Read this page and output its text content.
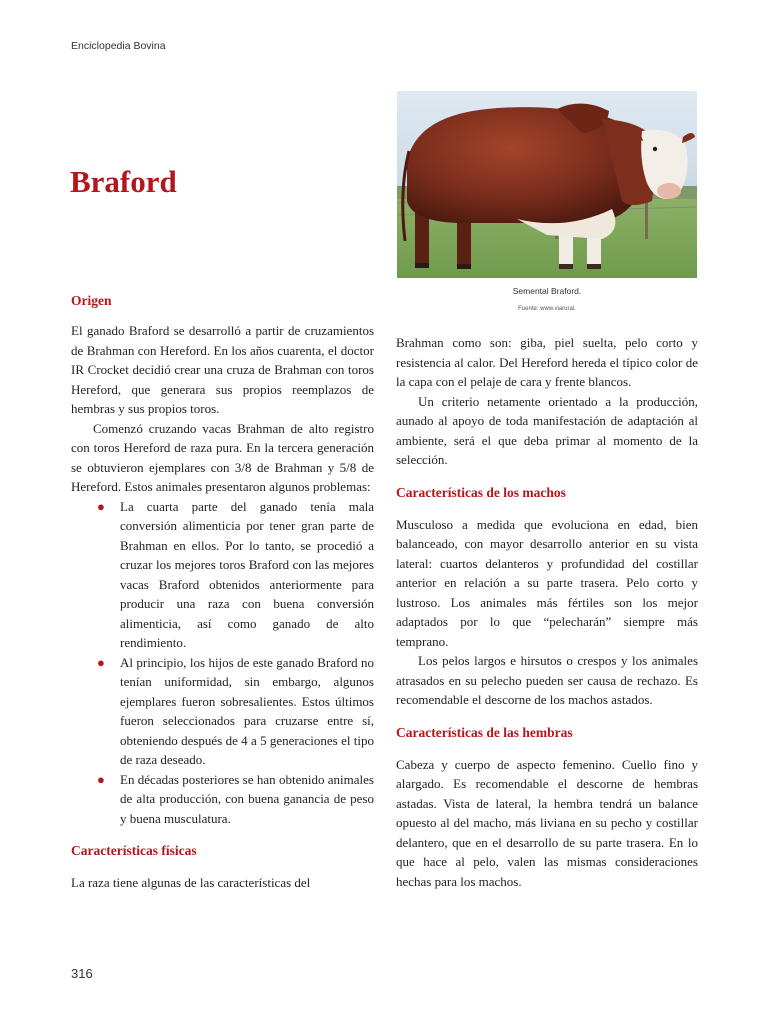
Enciclopedia Bovina
Braford
Semental Braford.
Fuente: www.viarural.
Origen

El ganado Braford se desarrolló a partir de cruzamientos de Brahman con Hereford. En los años cuarenta, el doctor IR Crocket decidió crear una cruza de Brahman con toros Hereford, que generara sus propios reemplazos de hembras y sus propios toros.

Comenzó cruzando vacas Brahman de alto registro con toros Hereford de raza pura. En la tercera generación se obtuvieron ejemplares con 3/8 de Brahman y 5/8 de Hereford. Estos animales presentaron algunos problemas:

● La cuarta parte del ganado tenía mala conversión alimenticia por tener gran parte de Brahman en ellos. Por lo tanto, se procedió a cruzar los mejores toros Braford con las mejores vacas Braford obtenidos anteriormente para producir una raza con buena conversión alimenticia, así como ganado de alto rendimiento.
● Al principio, los hijos de este ganado Braford no tenían uniformidad, sin embargo, algunos ejemplares fueron sobresalientes. Estos últimos fueron seleccionados para cruzarse entre sí, obteniendo después de 4 a 5 generaciones el tipo de raza deseado.
● En décadas posteriores se han obtenido animales de alta producción, con buena ganancia de peso y buena musculatura.
Características físicas

La raza tiene algunas de las características del

Brahman como son: giba, piel suelta, pelo corto y resistencia al calor. Del Hereford hereda el típico color de la capa con el pelaje de cara y frente blancos.

Un criterio netamente orientado a la producción, aunado al apoyo de toda manifestación de adaptación al ambiente, será el que deba primar al momento de la selección.

Características de los machos

Musculoso a medida que evoluciona en edad, bien balanceado, con mayor desarrollo anterior en su vista lateral: cuartos delanteros y profundidad del costillar anterior en relación a su parte trasera. Pelo corto y lustroso. Los animales más fértiles son los mejor adaptados por lo que “pelecharán” siempre más temprano.

Los pelos largos e hirsutos o crespos y los animales atrasados en su pelecho pueden ser causa de rechazo. Es recomendable el descorne de los machos astados.

Características de las hembras

Cabeza y cuerpo de aspecto femenino. Cuello fino y alargado. Es recomendable el descorne de hembras astadas. Vista de lateral, la hembra tendrá un balance opuesto al del macho, más liviana en su pecho y costillar delantero, que en el desarrollo de su parte trasera. En lo que hace al pelo, valen las mismas consideraciones hechas para los machos.

316
